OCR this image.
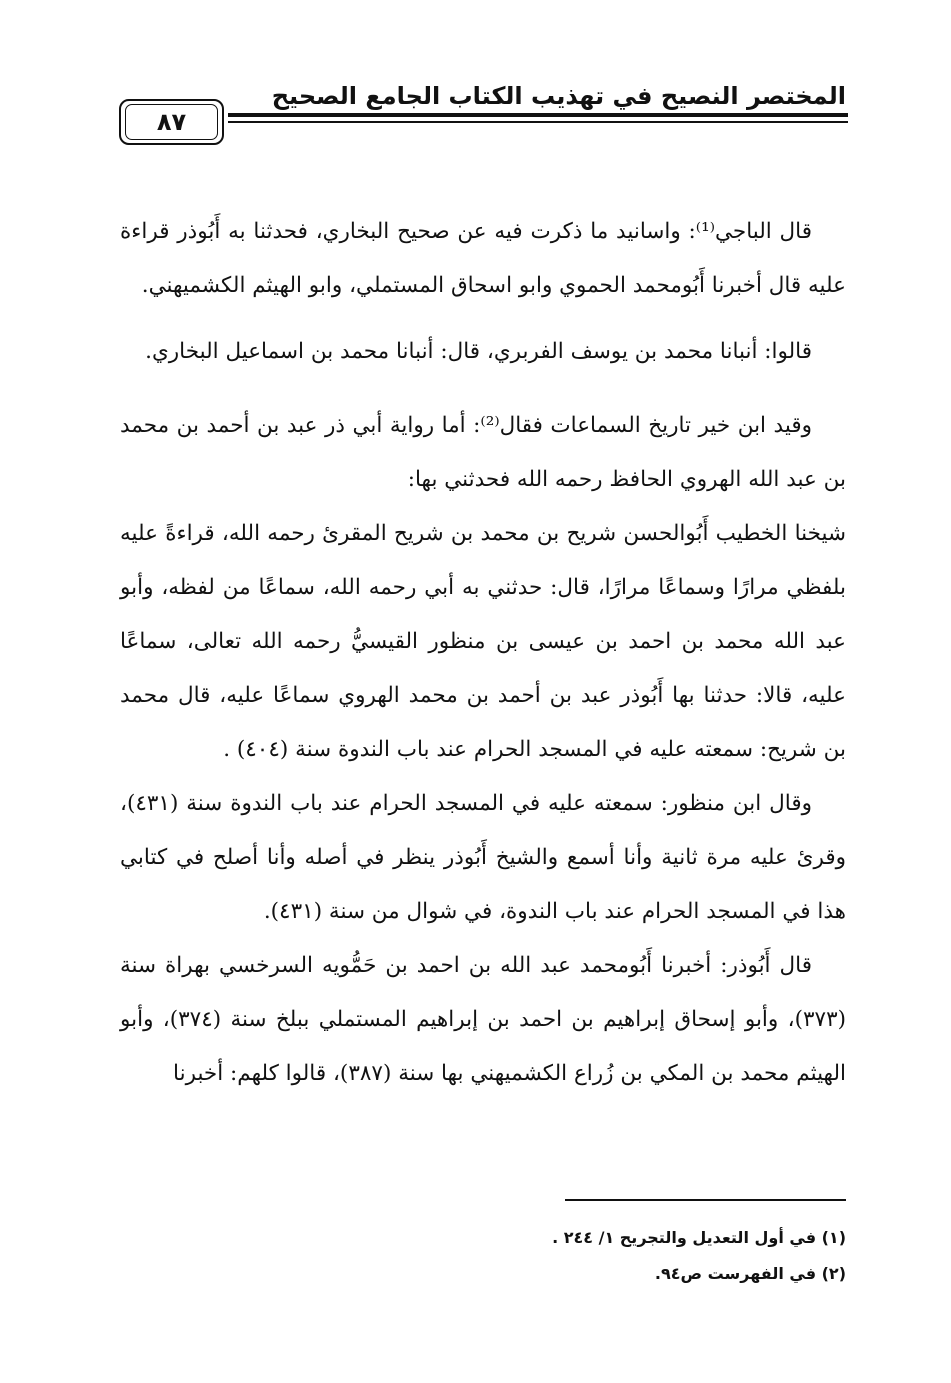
المختصر النصيح في تهذيب الكتاب الجامع الصحيح
٨٧

قال الباجي⁽¹⁾: واسانيد ما ذكرت فيه عن صحيح البخاري، فحدثنا به أَبُوذر قراءة عليه قال أخبرنا أَبُومحمد الحموي وابو اسحاق المستملي، وابو الهيثم الكشميهني.

قالوا: أنبانا محمد بن يوسف الفربري، قال: أنبانا محمد بن اسماعيل البخاري.

وقيد ابن خير تاريخ السماعات فقال⁽²⁾: أما رواية أبي ذر عبد بن أحمد بن محمد بن عبد الله الهروي الحافظ رحمه الله فحدثني بها:

شيخنا الخطيب أَبُوالحسن شريح بن محمد بن شريح المقرئ رحمه الله، قراءةً عليه بلفظي مرارًا وسماعًا مرارًا، قال: حدثني به أبي رحمه الله، سماعًا من لفظه، وأبو عبد الله محمد بن احمد بن عيسى بن منظور القيسيُّ رحمه الله تعالى، سماعًا عليه، قالا: حدثنا بها أَبُوذر عبد بن أحمد بن محمد الهروي سماعًا عليه، قال محمد بن شريح: سمعته عليه في المسجد الحرام عند باب الندوة سنة (٤٠٤) .

وقال ابن منظور: سمعته عليه في المسجد الحرام عند باب الندوة سنة (٤٣١)، وقرئ عليه مرة ثانية وأنا أسمع والشيخ أَبُوذر ينظر في أصله وأنا أصلح في كتابي هذا في المسجد الحرام عند باب الندوة، في شوال من سنة (٤٣١).

قال أَبُوذر: أخبرنا أَبُومحمد عبد الله بن احمد بن حَمُّويه السرخسي بهراة سنة (٣٧٣)، وأبو إسحاق إبراهيم بن احمد بن إبراهيم المستملي ببلخ سنة (٣٧٤)، وأبو الهيثم محمد بن المكي بن زُراع الكشميهني بها سنة (٣٨٧)، قالوا كلهم: أخبرنا

(١) في أول التعديل والتجريح ١/ ٢٤٤ .

(٢) في الفهرست ص٩٤.
